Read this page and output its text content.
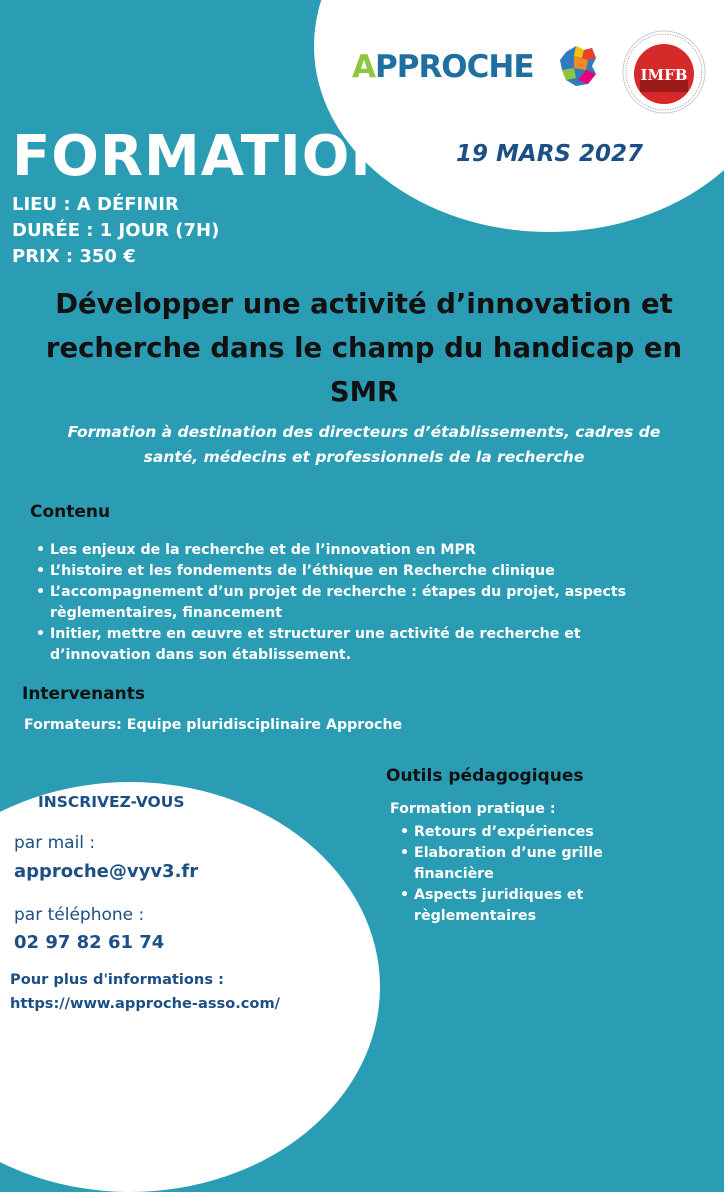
APPROCHE	IMFB
FORMATION	19 MARS 2027
LIEU : A DÉFINIR
DURÉE : 1 JOUR (7H)
PRIX : 350 €
Développer une activité d’innovation et
recherche dans le champ du handicap en
SMR
Formation à destination des directeurs d’établissements, cadres de
santé, médecins et professionnels de la recherche
Contenu
• Les enjeux de la recherche et de l’innovation en MPR
• L’histoire et les fondements de l’éthique en Recherche clinique
• L’accompagnement d’un projet de recherche : étapes du projet, aspects règlementaires, financement
• Initier, mettre en œuvre et structurer une activité de recherche et d’innovation dans son établissement.
Intervenants
Formateurs: Equipe pluridisciplinaire Approche
Outils pédagogiques
Formation pratique :
• Retours d’expériences
• Elaboration d’une grille financière
• Aspects juridiques et règlementaires
INSCRIVEZ-VOUS
par mail :
approche@vyv3.fr
par téléphone :
02 97 82 61 74
Pour plus d'informations :
https://www.approche-asso.com/
